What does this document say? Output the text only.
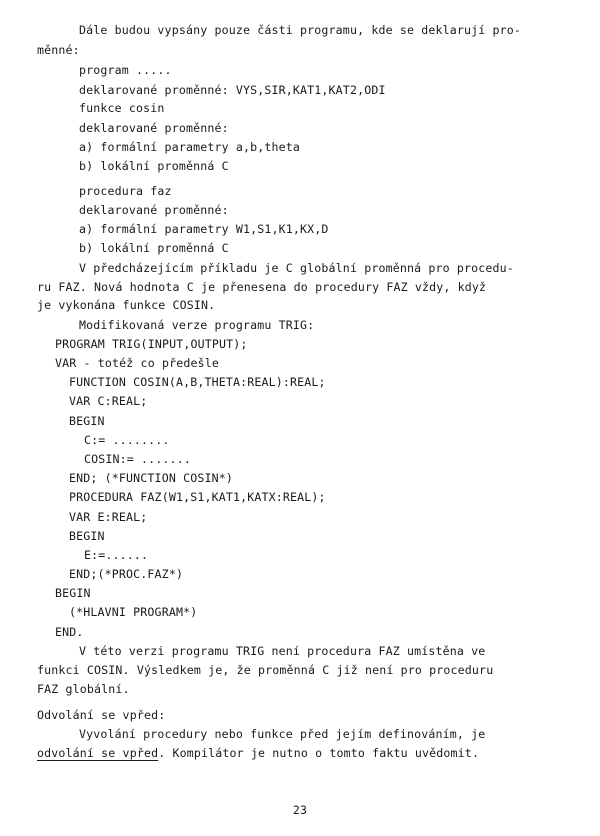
Dále budou vypsány pouze části programu, kde se deklarují pro-
měnné:
program .....
deklarované proměnné: VYS,SIR,KAT1,KAT2,ODI
funkce cosin
deklarované proměnné:
a) formální parametry a,b,theta
b) lokální proměnná C
procedura faz
deklarované proměnné:
a) formální parametry W1,S1,K1,KX,D
b) lokální proměnná C
V předcházejícím příkladu je C globální proměnná pro procedu-
ru FAZ. Nová hodnota C je přenesena do procedury FAZ vždy, když
je vykonána funkce COSIN.
Modifikovaná verze programu TRIG:
PROGRAM TRIG(INPUT,OUTPUT);
VAR - totéž co předešle
FUNCTION COSIN(A,B,THETA:REAL):REAL;
VAR C:REAL;
BEGIN
C:= ........
COSIN:= .......
END; (*FUNCTION COSIN*)
PROCEDURA FAZ(W1,S1,KAT1,KATX:REAL);
VAR E:REAL;
BEGIN
E:=......
END;(*PROC.FAZ*)
BEGIN
(*HLAVNI PROGRAM*)
END.
V této verzi programu TRIG není procedura FAZ umístěna ve
funkci COSIN. Výsledkem je, že proměnná C již není pro proceduru
FAZ globální.
Odvolání se vpřed:
Vyvolání procedury nebo funkce před jejím definováním, je
odvolání se vpřed. Kompilátor je nutno o tomto faktu uvědomit.
23
